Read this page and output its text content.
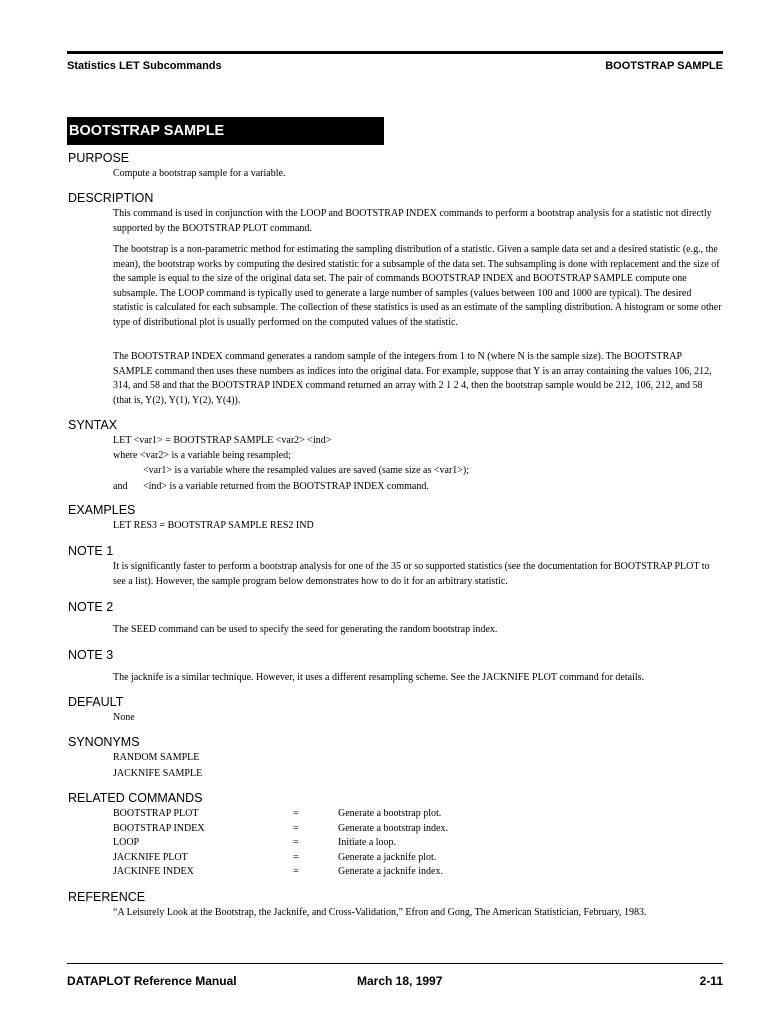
Statistics LET Subcommands	BOOTSTRAP SAMPLE
BOOTSTRAP SAMPLE
PURPOSE
Compute a bootstrap sample for a variable.
DESCRIPTION
This command is used in conjunction with the LOOP and BOOTSTRAP INDEX commands to perform a bootstrap analysis for a statistic not directly supported by the BOOTSTRAP PLOT command.
The bootstrap is a non-parametric method for estimating the sampling distribution of a statistic. Given a sample data set and a desired statistic (e.g., the mean), the bootstrap works by computing the desired statistic for a subsample of the data set. The subsampling is done with replacement and the size of the sample is equal to the size of the original data set. The pair of commands BOOTSTRAP INDEX and BOOTSTRAP SAMPLE compute one subsample. The LOOP command is typically used to generate a large number of samples (values between 100 and 1000 are typical). The desired statistic is calculated for each subsample. The collection of these statistics is used as an estimate of the sampling distribution. A histogram or some other type of distributional plot is usually performed on the computed values of the statistic.
The BOOTSTRAP INDEX command generates a random sample of the integers from 1 to N (where N is the sample size). The BOOTSTRAP SAMPLE command then uses these numbers as indices into the original data. For example, suppose that Y is an array containing the values 106, 212, 314, and 58 and that the BOOTSTRAP INDEX command returned an array with 2 1 2 4, then the bootstrap sample would be 212, 106, 212, and 58 (that is, Y(2), Y(1), Y(2), Y(4)).
SYNTAX
LET <var1> = BOOTSTRAP SAMPLE <var2> <ind>
where <var2> is a variable being resampled;
<var1> is a variable where the resampled values are saved (same size as <var1>);
and <ind> is a variable returned from the BOOTSTRAP INDEX command.
EXAMPLES
LET RES3 = BOOTSTRAP SAMPLE RES2 IND
NOTE 1
It is significantly faster to perform a bootstrap analysis for one of the 35 or so supported statistics (see the documentation for BOOTSTRAP PLOT to see a list). However, the sample program below demonstrates how to do it for an arbitrary statistic.
NOTE 2
The SEED command can be used to specify the seed for generating the random bootstrap index.
NOTE 3
The jacknife is a similar technique. However, it uses a different resampling scheme. See the JACKNIFE PLOT command for details.
DEFAULT
None
SYNONYMS
RANDOM SAMPLE
JACKNIFE SAMPLE
RELATED COMMANDS
BOOTSTRAP PLOT	=	Generate a bootstrap plot.
BOOTSTRAP INDEX	=	Generate a bootstrap index.
LOOP	=	Initiate a loop.
JACKNIFE PLOT	=	Generate a jacknife plot.
JACKINFE INDEX	=	Generate a jacknife index.
REFERENCE
“A Leisurely Look at the Bootstrap, the Jacknife, and Cross-Validation,” Efron and Gong, The American Statistician, February, 1983.
DATAPLOT Reference Manual	March 18, 1997	2-11
